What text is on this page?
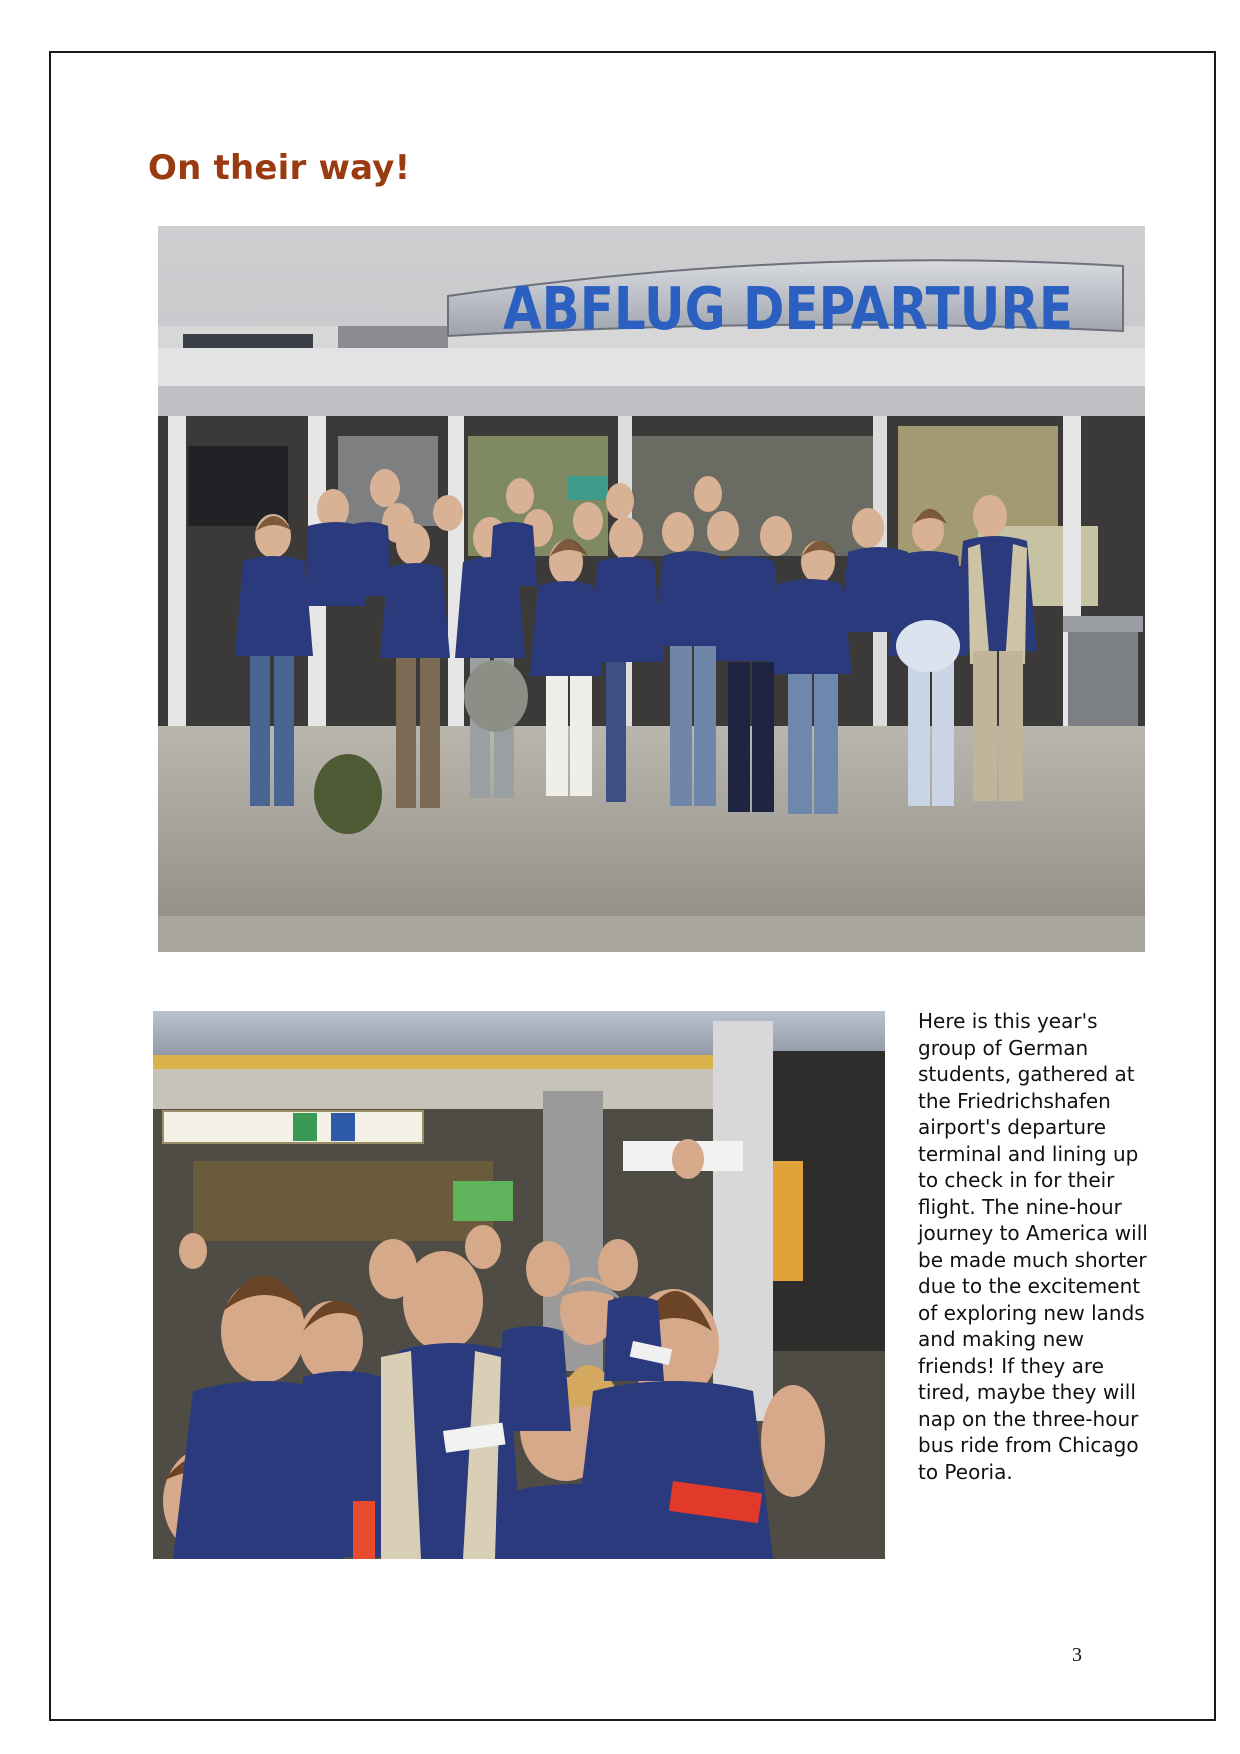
On their way!
ABFLUG DEPARTURE

Here is this year's group of German students, gathered at the Friedrichshafen airport's departure terminal and lining up to check in for their flight. The nine-hour journey to America will be made much shorter due to the excitement of exploring new lands and making new friends! If they are tired, maybe they will nap on the three-hour bus ride from Chicago to Peoria.

3
